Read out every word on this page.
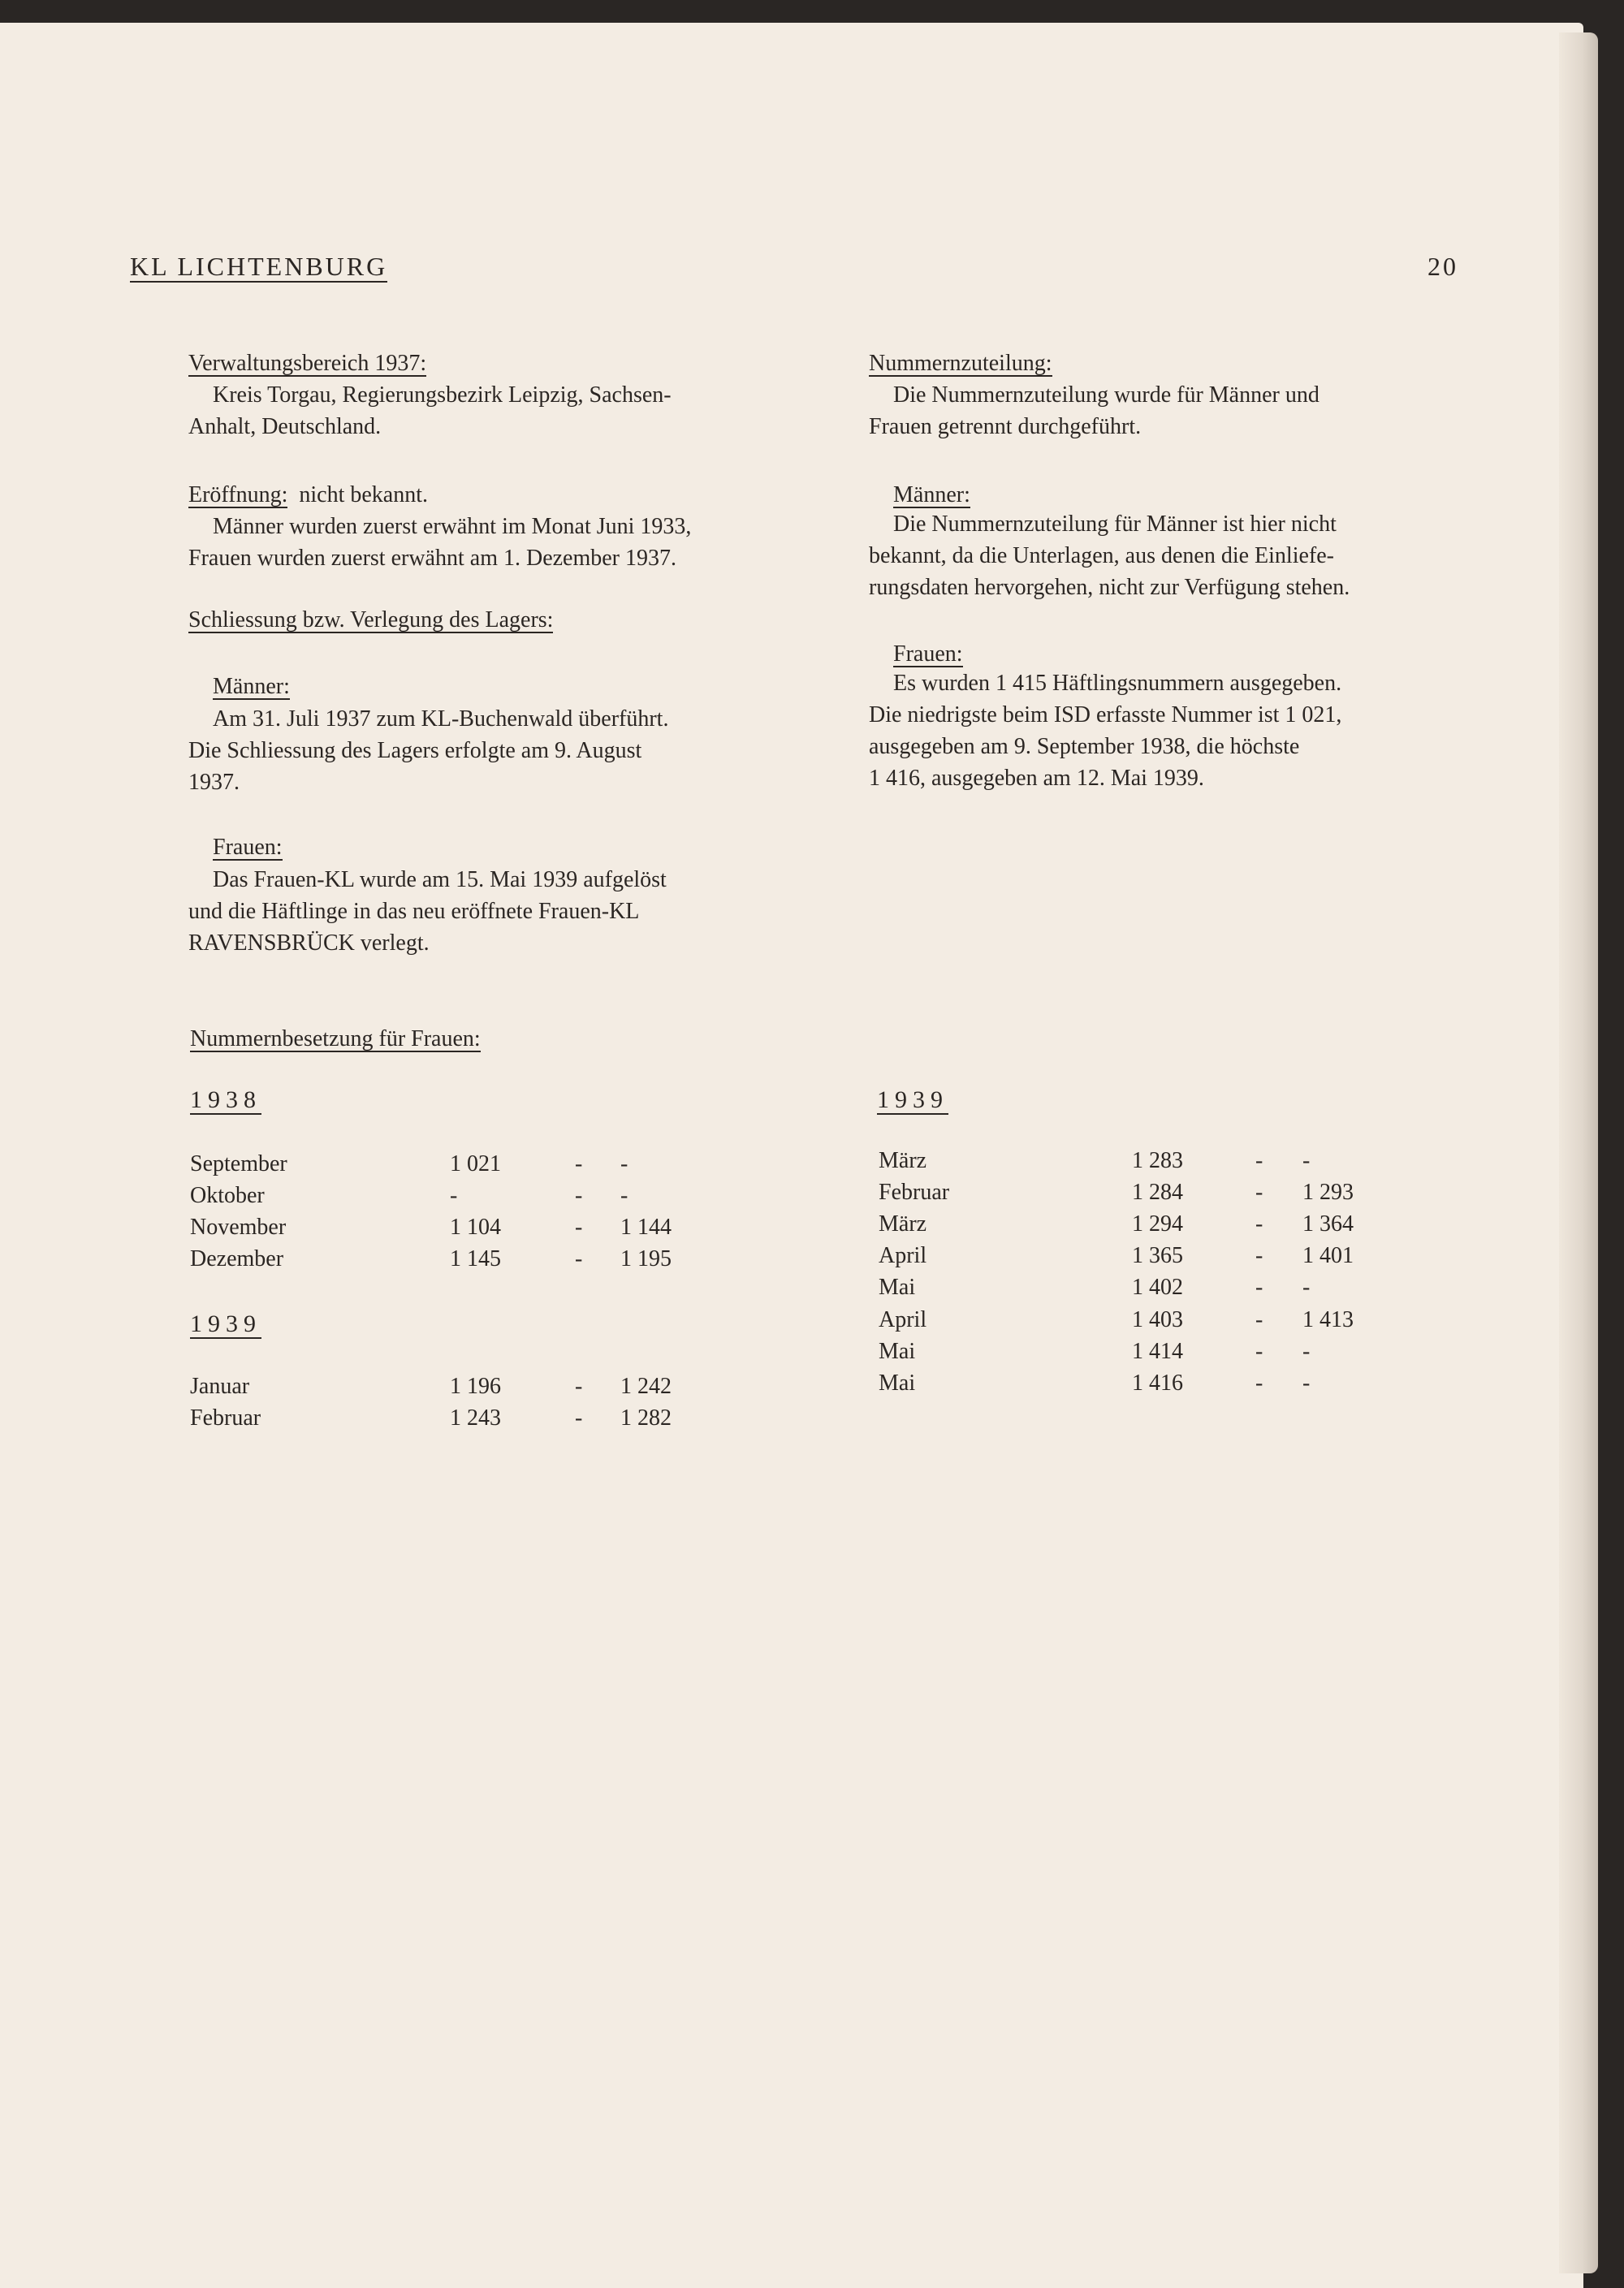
KL LICHTENBURG	20
Verwaltungsbereich 1937:
Kreis Torgau, Regierungsbezirk Leipzig, Sachsen-
Anhalt, Deutschland.
Eröffnung: nicht bekannt.
Männer wurden zuerst erwähnt im Monat Juni 1933,
Frauen wurden zuerst erwähnt am 1. Dezember 1937.
Schliessung bzw. Verlegung des Lagers:
Männer:
Am 31. Juli 1937 zum KL-Buchenwald überführt.
Die Schliessung des Lagers erfolgte am 9. August
1937.
Frauen:
Das Frauen-KL wurde am 15. Mai 1939 aufgelöst
und die Häftlinge in das neu eröffnete Frauen-KL
RAVENSBRÜCK verlegt.
Nummernbesetzung für Frauen:
1938
September	1 021	- -
Oktober	-	- -
November	1 104	- 1 144
Dezember	1 145	- 1 195
1939
Januar	1 196	- 1 242
Februar	1 243	- 1 282
Nummernzuteilung:
Die Nummernzuteilung wurde für Männer und
Frauen getrennt durchgeführt.
Männer:
Die Nummernzuteilung für Männer ist hier nicht
bekannt, da die Unterlagen, aus denen die Einliefe-
rungsdaten hervorgehen, nicht zur Verfügung stehen.
Frauen:
Es wurden 1 415 Häftlingsnummern ausgegeben.
Die niedrigste beim ISD erfasste Nummer ist 1 021,
ausgegeben am 9. September 1938, die höchste
1 416, ausgegeben am 12. Mai 1939.
1939
März	1 283	- -
Februar	1 284	- 1 293
März	1 294	- 1 364
April	1 365	- 1 401
Mai	1 402	- -
April	1 403	- 1 413
Mai	1 414	- -
Mai	1 416	- -
